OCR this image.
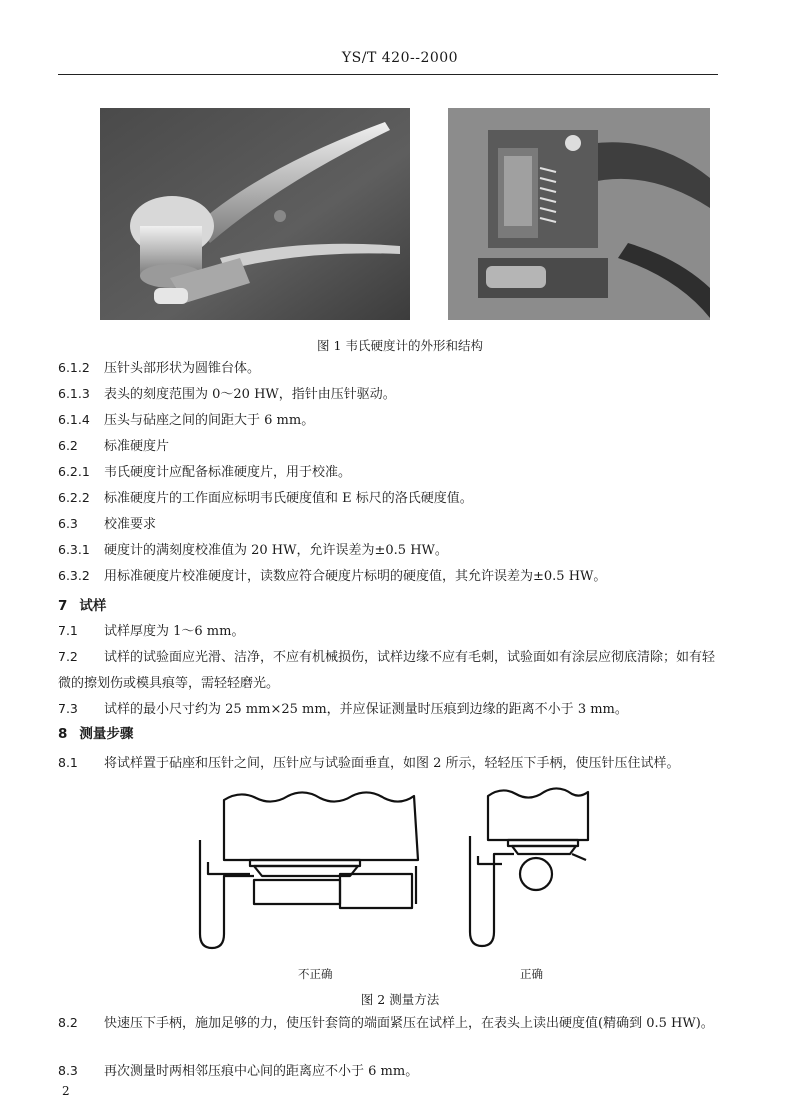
YS/T 420--2000
图 1 韦氏硬度计的外形和结构
6.1.2 压针头部形状为圆锥台体。
6.1.3 表头的刻度范围为 0～20 HW，指针由压针驱动。
6.1.4 压头与砧座之间的间距大于 6 mm。
6.2 标准硬度片
6.2.1 韦氏硬度计应配备标准硬度片，用于校准。
6.2.2 标准硬度片的工作面应标明韦氏硬度值和 E 标尺的洛氏硬度值。
6.3 校准要求
6.3.1 硬度计的满刻度校准值为 20 HW，允许误差为±0.5 HW。
6.3.2 用标准硬度片校准硬度计，读数应符合硬度片标明的硬度值，其允许误差为±0.5 HW。
7 试样
7.1 试样厚度为 1～6 mm。
7.2 试样的试验面应光滑、洁净，不应有机械损伤，试样边缘不应有毛刺，试验面如有涂层应彻底清除；如有轻微的擦划伤或模具痕等，需轻轻磨光。
7.3 试样的最小尺寸约为 25 mm×25 mm，并应保证测量时压痕到边缘的距离不小于 3 mm。
8 测量步骤
8.1 将试样置于砧座和压针之间，压针应与试验面垂直，如图 2 所示，轻轻压下手柄，使压针压住试样。
不正确	正确
图 2 测量方法
8.2 快速压下手柄，施加足够的力，使压针套筒的端面紧压在试样上，在表头上读出硬度值(精确到 0.5 HW)。
8.3 再次测量时两相邻压痕中心间的距离应不小于 6 mm。
2
